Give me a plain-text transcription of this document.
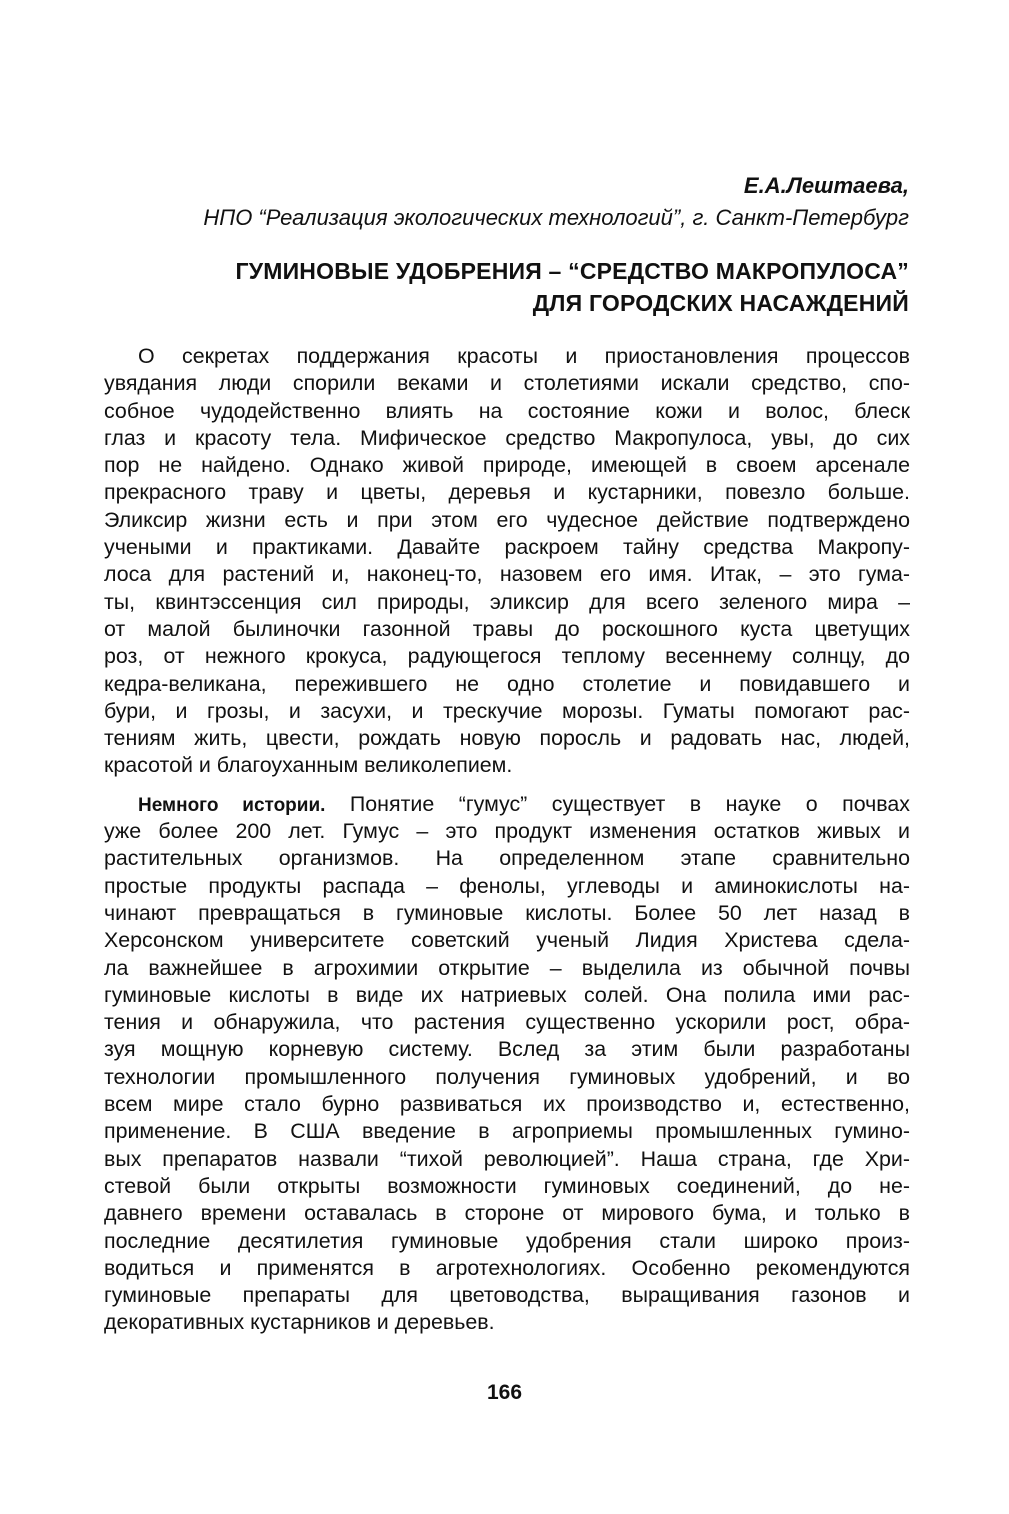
Е.А.Лештаева,
НПО “Реализация экологических технологий”, г. Санкт-Петербург
ГУМИНОВЫЕ УДОБРЕНИЯ – “СРЕДСТВО МАКРОПУЛОСА”
ДЛЯ ГОРОДСКИХ НАСАЖДЕНИЙ
О секретах поддержания красоты и приостановления процессов
увядания люди спорили веками и столетиями искали средство, спо-
собное чудодейственно влиять на состояние кожи и волос, блеск
глаз и красоту тела. Мифическое средство Макропулоса, увы, до сих
пор не найдено. Однако живой природе, имеющей в своем арсенале
прекрасного траву и цветы, деревья и кустарники, повезло больше.
Эликсир жизни есть и при этом его чудесное действие подтверждено
учеными и практиками. Давайте раскроем тайну средства Макропу-
лоса для растений и, наконец-то, назовем его имя. Итак, – это гума-
ты, квинтэссенция сил природы, эликсир для всего зеленого мира –
от малой былиночки газонной травы до роскошного куста цветущих
роз, от нежного крокуса, радующегося теплому весеннему солнцу, до
кедра-великана, пережившего не одно столетие и повидавшего и
бури, и грозы, и засухи, и трескучие морозы. Гуматы помогают рас-
тениям жить, цвести, рождать новую поросль и радовать нас, людей,
красотой и благоуханным великолепием.
Немного истории. Понятие “гумус” существует в науке о почвах
уже более 200 лет. Гумус – это продукт изменения остатков живых и
растительных организмов. На определенном этапе сравнительно
простые продукты распада – фенолы, углеводы и аминокислоты на-
чинают превращаться в гуминовые кислоты. Более 50 лет назад в
Херсонском университете советский ученый Лидия Христева сдела-
ла важнейшее в агрохимии открытие – выделила из обычной почвы
гуминовые кислоты в виде их натриевых солей. Она полила ими рас-
тения и обнаружила, что растения существенно ускорили рост, обра-
зуя мощную корневую систему. Вслед за этим были разработаны
технологии промышленного получения гуминовых удобрений, и во
всем мире стало бурно развиваться их производство и, естественно,
применение. В США введение в агроприемы промышленных гумино-
вых препаратов назвали “тихой революцией”. Наша страна, где Хри-
стевой были открыты возможности гуминовых соединений, до не-
давнего времени оставалась в стороне от мирового бума, и только в
последние десятилетия гуминовые удобрения стали широко произ-
водиться и применятся в агротехнологиях. Особенно рекомендуются
гуминовые препараты для цветоводства, выращивания газонов и
декоративных кустарников и деревьев.
166
